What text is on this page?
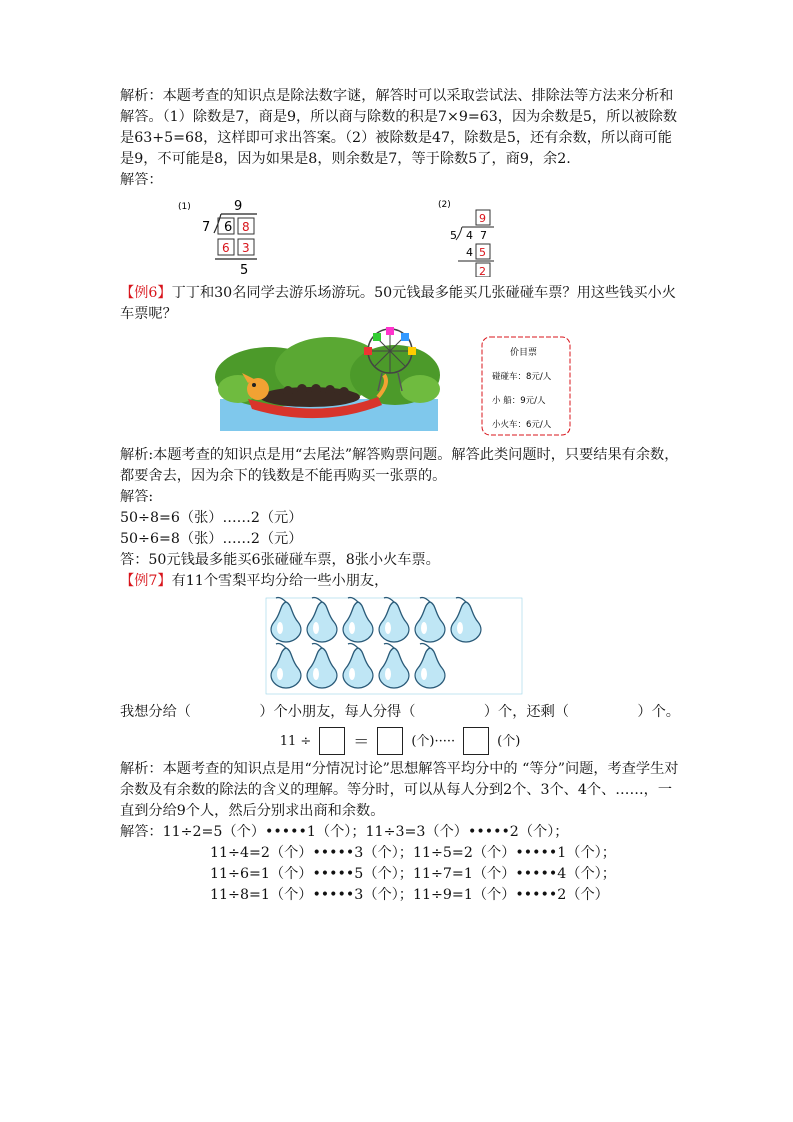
解析：本题考查的知识点是除法数字谜，解答时可以采取尝试法、排除法等方法来分析和解答。（1）除数是7，商是9，所以商与除数的积是7×9=63，因为余数是5，所以被除数是63+5=68，这样即可求出答案。（2）被除数是47，除数是5，还有余数，所以商可能是9，不可能是8，因为如果是8，则余数是7，等于除数5了，商9，余2.

解答：

(1)	9
7 6 8
6 3
5
(2)
9
5 4 7
4 5
2

【例6】丁丁和30名同学去游乐场游玩。50元钱最多能买几张碰碰车票？用这些钱买小火车票呢？

价目票
碰碰车：8元/人
小 船：9元/人
小火车：6元/人

解析:本题考查的知识点是用“去尾法”解答购票问题。解答此类问题时，只要结果有余数，都要舍去，因为余下的钱数是不能再购买一张票的。

解答:

50÷8=6（张）……2（元）

50÷6=8（张）……2（元）

答：50元钱最多能买6张碰碰车票，8张小火车票。

【例7】有11个雪梨平均分给一些小朋友，

我想分给（	）个小朋友，每人分得（	）个，还剩（	）个。
11 ÷	＝	(个)·····	(个)

解析：本题考查的知识点是用“分情况讨论”思想解答平均分中的 “等分”问题，考查学生对余数及有余数的除法的含义的理解。等分时，可以从每人分到2个、3个、4个、……，一直到分给9个人，然后分别求出商和余数。

解答：11÷2=5（个）•••••1（个）；11÷3=3（个）•••••2（个）；

11÷4=2（个）•••••3（个）；11÷5=2（个）•••••1（个）；

11÷6=1（个）•••••5（个）；11÷7=1（个）•••••4（个）；

11÷8=1（个）•••••3（个）；11÷9=1（个）•••••2（个）
